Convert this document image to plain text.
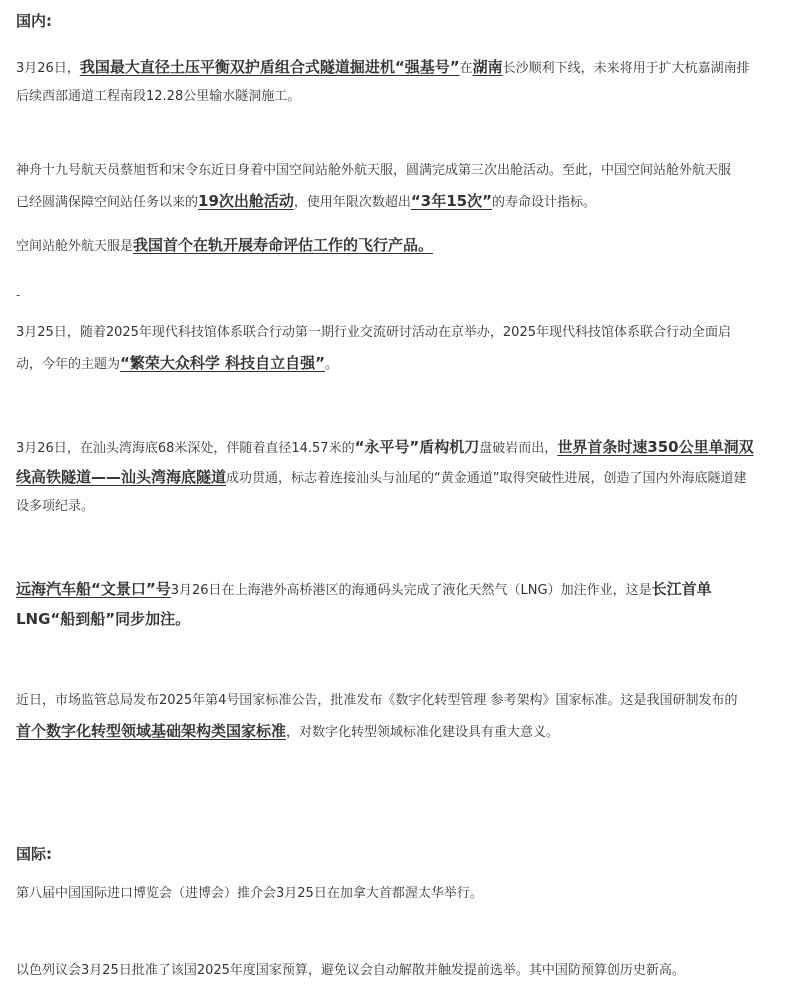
国内:
3月26日，我国最大直径土压平衡双护盾组合式隧道掘进机“强基号”在湖南长沙顺利下线，未来将用于扩大杭嘉湖南排
后续西部通道工程南段12.28公里输水隧洞施工。
神舟十九号航天员蔡旭哲和宋令东近日身着中国空间站舱外航天服，圆满完成第三次出舱活动。至此，中国空间站舱外航天服
已经圆满保障空间站任务以来的19次出舱活动，使用年限次数超出“3年15次”的寿命设计指标。
空间站舱外航天服是我国首个在轨开展寿命评估工作的飞行产品。
-
3月25日，随着2025年现代科技馆体系联合行动第一期行业交流研讨活动在京举办，2025年现代科技馆体系联合行动全面启
动，今年的主题为“繁荣大众科学 科技自立自强”。
3月26日，在汕头湾海底68米深处，伴随着直径14.57米的“永平号”盾构机刀盘破岩而出，世界首条时速350公里单洞双
线高铁隧道——汕头湾海底隧道成功贯通，标志着连接汕头与汕尾的“黄金通道”取得突破性进展，创造了国内外海底隧道建
设多项纪录。
远海汽车船“文景口”号3月26日在上海港外高桥港区的海通码头完成了液化天然气（LNG）加注作业，这是长江首单
LNG“船到船”同步加注。
近日，市场监管总局发布2025年第4号国家标准公告，批准发布《数字化转型管理 参考架构》国家标准。这是我国研制发布的
首个数字化转型领域基础架构类国家标准，对数字化转型领域标准化建设具有重大意义。
国际:
第八届中国国际进口博览会（进博会）推介会3月25日在加拿大首都渥太华举行。
以色列议会3月25日批准了该国2025年度国家预算，避免议会自动解散并触发提前选举。其中国防预算创历史新高。
